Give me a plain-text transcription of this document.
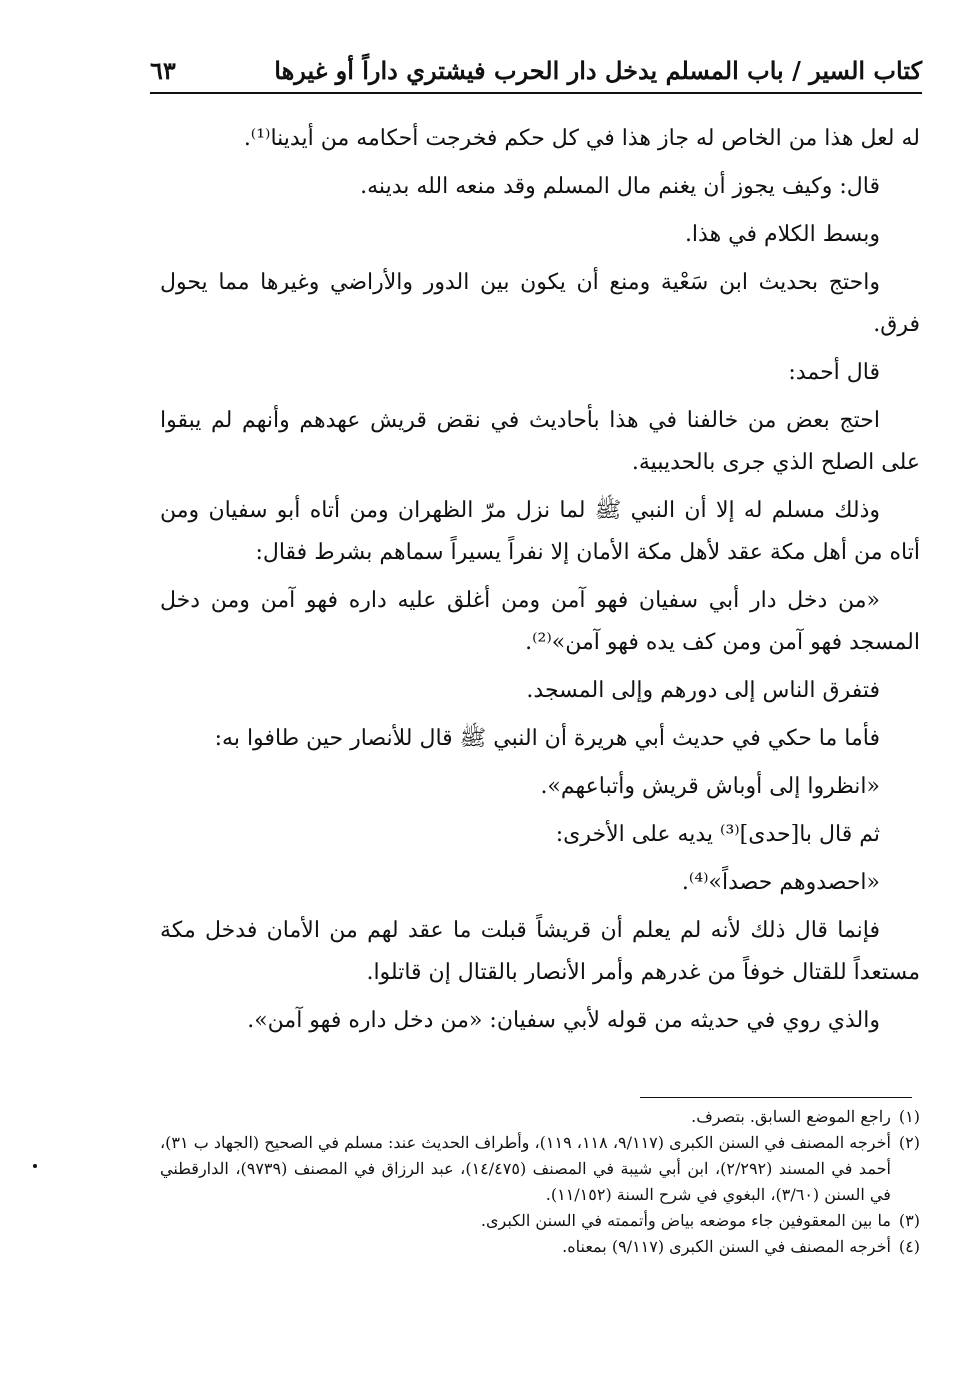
كتاب السير / باب المسلم يدخل دار الحرب فيشتري داراً أو غيرها
٦٣

له لعل هذا من الخاص له جاز هذا في كل حكم فخرجت أحكامه من أيدينا⁽¹⁾.

قال: وكيف يجوز أن يغنم مال المسلم وقد منعه الله بدينه.

وبسط الكلام في هذا.

واحتج بحديث ابن سَعْية ومنع أن يكون بين الدور والأراضي وغيرها مما يحول فرق.

قال أحمد:

احتج بعض من خالفنا في هذا بأحاديث في نقض قريش عهدهم وأنهم لم يبقوا على الصلح الذي جرى بالحديبية.

وذلك مسلم له إلا أن النبي ﷺ لما نزل مرّ الظهران ومن أتاه أبو سفيان ومن أتاه من أهل مكة عقد لأهل مكة الأمان إلا نفراً يسيراً سماهم بشرط فقال:

«من دخل دار أبي سفيان فهو آمن ومن أغلق عليه داره فهو آمن ومن دخل المسجد فهو آمن ومن كف يده فهو آمن»⁽²⁾.

فتفرق الناس إلى دورهم وإلى المسجد.

فأما ما حكي في حديث أبي هريرة أن النبي ﷺ قال للأنصار حين طافوا به:

«انظروا إلى أوباش قريش وأتباعهم».

ثم قال با[حدى]⁽³⁾ يديه على الأخرى:

«احصدوهم حصداً»⁽⁴⁾.

فإنما قال ذلك لأنه لم يعلم أن قريشاً قبلت ما عقد لهم من الأمان فدخل مكة مستعداً للقتال خوفاً من غدرهم وأمر الأنصار بالقتال إن قاتلوا.

والذي روي في حديثه من قوله لأبي سفيان: «من دخل داره فهو آمن».

(١)
راجع الموضع السابق. بتصرف.
(٢)
أخرجه المصنف في السنن الكبرى (٩/١١٧، ١١٨، ١١٩)، وأطراف الحديث عند: مسلم في الصحيح (الجهاد ب ٣١)، أحمد في المسند (٢/٢٩٢)، ابن أبي شيبة في المصنف (١٤/٤٧٥)، عبد الرزاق في المصنف (٩٧٣٩)، الدارقطني في السنن (٣/٦٠)، البغوي في شرح السنة (١١/١٥٢).
(٣)
ما بين المعقوفين جاء موضعه بياض وأتممته في السنن الكبرى.
(٤)
أخرجه المصنف في السنن الكبرى (٩/١١٧) بمعناه.
